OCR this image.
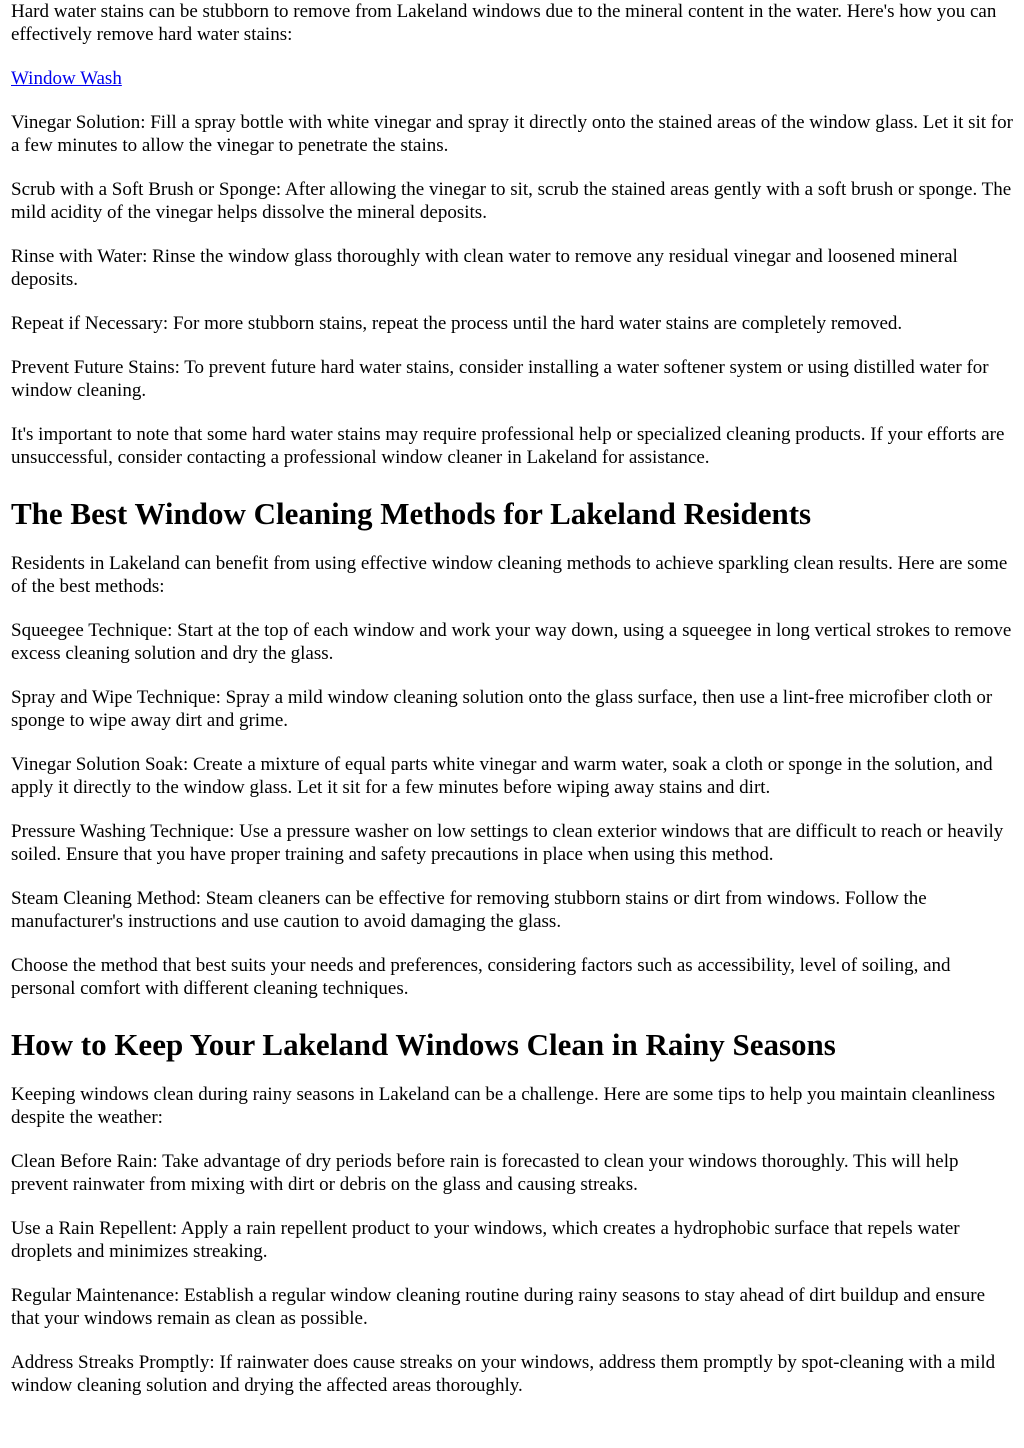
Hard water stains can be stubborn to remove from Lakeland windows due to the mineral content in the water. Here's how you can effectively remove hard water stains:

Window Wash

Vinegar Solution: Fill a spray bottle with white vinegar and spray it directly onto the stained areas of the window glass. Let it sit for a few minutes to allow the vinegar to penetrate the stains.

Scrub with a Soft Brush or Sponge: After allowing the vinegar to sit, scrub the stained areas gently with a soft brush or sponge. The mild acidity of the vinegar helps dissolve the mineral deposits.

Rinse with Water: Rinse the window glass thoroughly with clean water to remove any residual vinegar and loosened mineral deposits.

Repeat if Necessary: For more stubborn stains, repeat the process until the hard water stains are completely removed.

Prevent Future Stains: To prevent future hard water stains, consider installing a water softener system or using distilled water for window cleaning.

It's important to note that some hard water stains may require professional help or specialized cleaning products. If your efforts are unsuccessful, consider contacting a professional window cleaner in Lakeland for assistance.

The Best Window Cleaning Methods for Lakeland Residents

Residents in Lakeland can benefit from using effective window cleaning methods to achieve sparkling clean results. Here are some of the best methods:

Squeegee Technique: Start at the top of each window and work your way down, using a squeegee in long vertical strokes to remove excess cleaning solution and dry the glass.

Spray and Wipe Technique: Spray a mild window cleaning solution onto the glass surface, then use a lint-free microfiber cloth or sponge to wipe away dirt and grime.

Vinegar Solution Soak: Create a mixture of equal parts white vinegar and warm water, soak a cloth or sponge in the solution, and apply it directly to the window glass. Let it sit for a few minutes before wiping away stains and dirt.

Pressure Washing Technique: Use a pressure washer on low settings to clean exterior windows that are difficult to reach or heavily soiled. Ensure that you have proper training and safety precautions in place when using this method.

Steam Cleaning Method: Steam cleaners can be effective for removing stubborn stains or dirt from windows. Follow the manufacturer's instructions and use caution to avoid damaging the glass.

Choose the method that best suits your needs and preferences, considering factors such as accessibility, level of soiling, and personal comfort with different cleaning techniques.

How to Keep Your Lakeland Windows Clean in Rainy Seasons

Keeping windows clean during rainy seasons in Lakeland can be a challenge. Here are some tips to help you maintain cleanliness despite the weather:

Clean Before Rain: Take advantage of dry periods before rain is forecasted to clean your windows thoroughly. This will help prevent rainwater from mixing with dirt or debris on the glass and causing streaks.

Use a Rain Repellent: Apply a rain repellent product to your windows, which creates a hydrophobic surface that repels water droplets and minimizes streaking.

Regular Maintenance: Establish a regular window cleaning routine during rainy seasons to stay ahead of dirt buildup and ensure that your windows remain as clean as possible.

Address Streaks Promptly: If rainwater does cause streaks on your windows, address them promptly by spot-cleaning with a mild window cleaning solution and drying the affected areas thoroughly.
